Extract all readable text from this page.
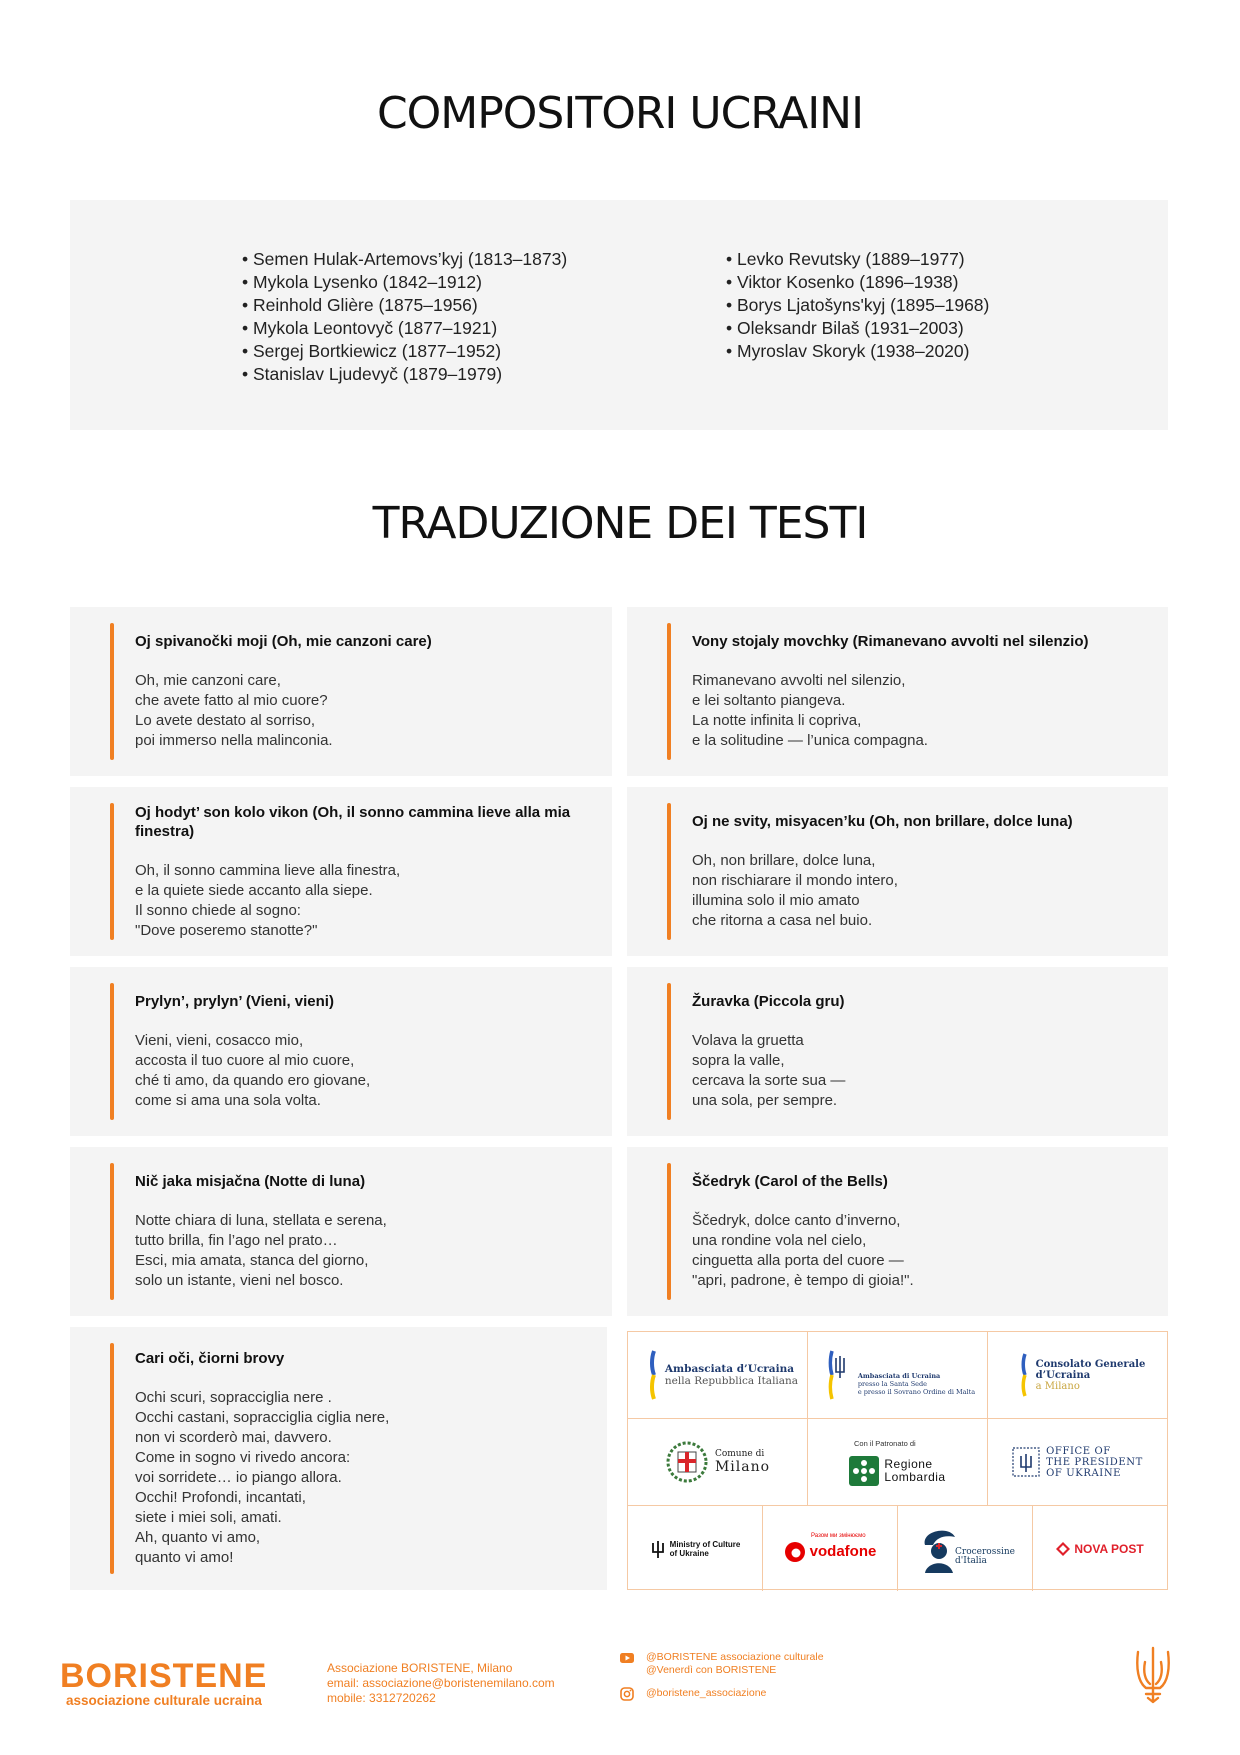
COMPOSITORI UCRAINI
• Semen Hulak-Artemovs’kyj (1813–1873)
• Mykola Lysenko (1842–1912)
• Reinhold Glière (1875–1956)
• Mykola Leontovyč (1877–1921)
• Sergej Bortkiewicz (1877–1952)
• Stanislav Ljudevyč (1879–1979)
• Levko Revutsky (1889–1977)
• Viktor Kosenko (1896–1938)
• Borys Ljatošyns'kyj (1895–1968)
• Oleksandr Bilaš (1931–2003)
• Myroslav Skoryk (1938–2020)
TRADUZIONE DEI TESTI
Oj spivanočki moji (Oh, mie canzoni care)
Oh, mie canzoni care,
che avete fatto al mio cuore?
Lo avete destato al sorriso,
poi immerso nella malinconia.
Vony stojaly movchky (Rimanevano avvolti nel silenzio)
Rimanevano avvolti nel silenzio,
e lei soltanto piangeva.
La notte infinita li copriva,
e la solitudine — l’unica compagna.
Oj hodyt’ son kolo vikon (Oh, il sonno cammina lieve alla mia finestra)
Oh, il sonno cammina lieve alla finestra,
e la quiete siede accanto alla siepe.
Il sonno chiede al sogno:
"Dove poseremo stanotte?"
Oj ne svity, misyacen’ku (Oh, non brillare, dolce luna)
Oh, non brillare, dolce luna,
non rischiarare il mondo intero,
illumina solo il mio amato
che ritorna a casa nel buio.
Prylyn’, prylyn’ (Vieni, vieni)
Vieni, vieni, cosacco mio,
accosta il tuo cuore al mio cuore,
ché ti amo, da quando ero giovane,
come si ama una sola volta.
Žuravka (Piccola gru)
Volava la gruetta
sopra la valle,
cercava la sorte sua —
una sola, per sempre.
Nič jaka misjačna (Notte di luna)
Notte chiara di luna, stellata e serena,
tutto brilla, fin l’ago nel prato…
Esci, mia amata, stanca del giorno,
solo un istante, vieni nel bosco.
Ščedryk (Carol of the Bells)
Ščedryk, dolce canto d’inverno,
una rondine vola nel cielo,
cinguetta alla porta del cuore —
"apri, padrone, è tempo di gioia!".
Cari oči, čiorni brovy
Ochi scuri, sopracciglia nere .
Occhi castani, sopracciglia ciglia nere,
non vi scorderò mai, davvero.
Come in sogno vi rivedo ancora:
voi sorridete… io piango allora.
Occhi! Profondi, incantati,
siete i miei soli, amati.
Ah, quanto vi amo,
quanto vi amo!
Ambasciata d’Ucraina
nella Repubblica Italiana	Ambasciata di Ucraina
presso la Santa Sede
e presso il Sovrano Ordine di Malta
Consolato Generale
d’Ucraina
a Milano
Comune di
Milano
Con il Patronato di
Regione
Lombardia
OFFICE OF
THE PRESIDENT
OF UKRAINE
Ministry of Culture
of Ukraine
Разом ми змінюємо
vodafone	Crocerossine
d'Italia
NOVA POST
BORISTENE
associazione culturale ucraina
Associazione BORISTENE, Milano
email: associazione@boristenemilano.com
mobile: 3312720262
@BORISTENE associazione culturale
@Venerdì con BORISTENE
@boristene_associazione
